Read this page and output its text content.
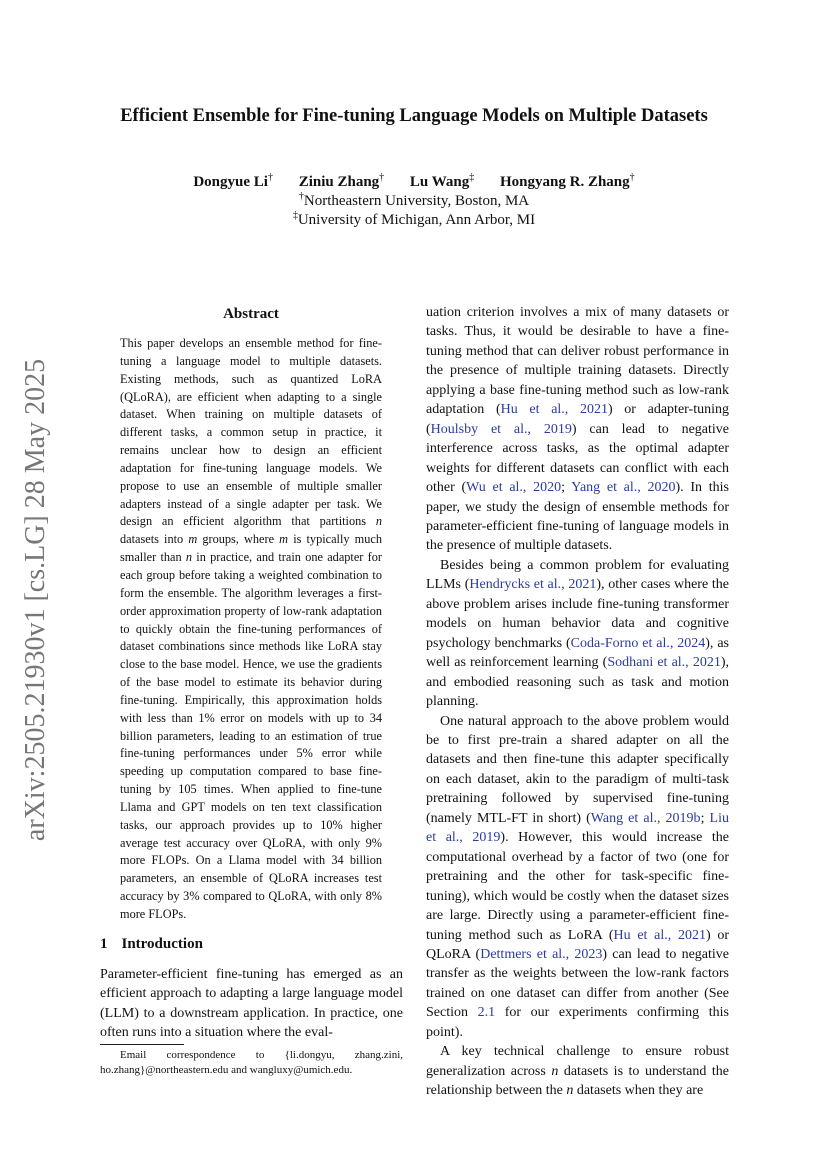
arXiv:2505.21930v1 [cs.LG] 28 May 2025
Efficient Ensemble for Fine-tuning Language Models on Multiple Datasets
Dongyue Li† Ziniu Zhang† Lu Wang‡ Hongyang R. Zhang†
†Northeastern University, Boston, MA
‡University of Michigan, Ann Arbor, MI
Abstract
This paper develops an ensemble method for fine-tuning a language model to multiple datasets. Existing methods, such as quantized LoRA (QLoRA), are efficient when adapting to a single dataset. When training on multiple datasets of different tasks, a common setup in practice, it remains unclear how to design an efficient adaptation for fine-tuning language models. We propose to use an ensemble of multiple smaller adapters instead of a single adapter per task. We design an efficient algorithm that partitions n datasets into m groups, where m is typically much smaller than n in practice, and train one adapter for each group before taking a weighted combination to form the ensemble. The algorithm leverages a first-order approximation property of low-rank adaptation to quickly obtain the fine-tuning performances of dataset combinations since methods like LoRA stay close to the base model. Hence, we use the gradients of the base model to estimate its behavior during fine-tuning. Empirically, this approximation holds with less than 1% error on models with up to 34 billion parameters, leading to an estimation of true fine-tuning performances under 5% error while speeding up computation compared to base fine-tuning by 105 times. When applied to fine-tune Llama and GPT models on ten text classification tasks, our approach provides up to 10% higher average test accuracy over QLoRA, with only 9% more FLOPs. On a Llama model with 34 billion parameters, an ensemble of QLoRA increases test accuracy by 3% compared to QLoRA, with only 8% more FLOPs.
1 Introduction
Parameter-efficient fine-tuning has emerged as an efficient approach to adapting a large language model (LLM) to a downstream application. In practice, one often runs into a situation where the eval-
Email correspondence to {li.dongyu, zhang.zini, ho.zhang}@northeastern.edu and wangluxy@umich.edu.

uation criterion involves a mix of many datasets or tasks. Thus, it would be desirable to have a fine-tuning method that can deliver robust performance in the presence of multiple training datasets. Directly applying a base fine-tuning method such as low-rank adaptation (Hu et al., 2021) or adapter-tuning (Houlsby et al., 2019) can lead to negative interference across tasks, as the optimal adapter weights for different datasets can conflict with each other (Wu et al., 2020; Yang et al., 2020). In this paper, we study the design of ensemble methods for parameter-efficient fine-tuning of language models in the presence of multiple datasets.

Besides being a common problem for evaluating LLMs (Hendrycks et al., 2021), other cases where the above problem arises include fine-tuning transformer models on human behavior data and cognitive psychology benchmarks (Coda-Forno et al., 2024), as well as reinforcement learning (Sodhani et al., 2021), and embodied reasoning such as task and motion planning.

One natural approach to the above problem would be to first pre-train a shared adapter on all the datasets and then fine-tune this adapter specifically on each dataset, akin to the paradigm of multi-task pretraining followed by supervised fine-tuning (namely MTL-FT in short) (Wang et al., 2019b; Liu et al., 2019). However, this would increase the computational overhead by a factor of two (one for pretraining and the other for task-specific fine-tuning), which would be costly when the dataset sizes are large. Directly using a parameter-efficient fine-tuning method such as LoRA (Hu et al., 2021) or QLoRA (Dettmers et al., 2023) can lead to negative transfer as the weights between the low-rank factors trained on one dataset can differ from another (See Section 2.1 for our experiments confirming this point).

A key technical challenge to ensure robust generalization across n datasets is to understand the relationship between the n datasets when they are
